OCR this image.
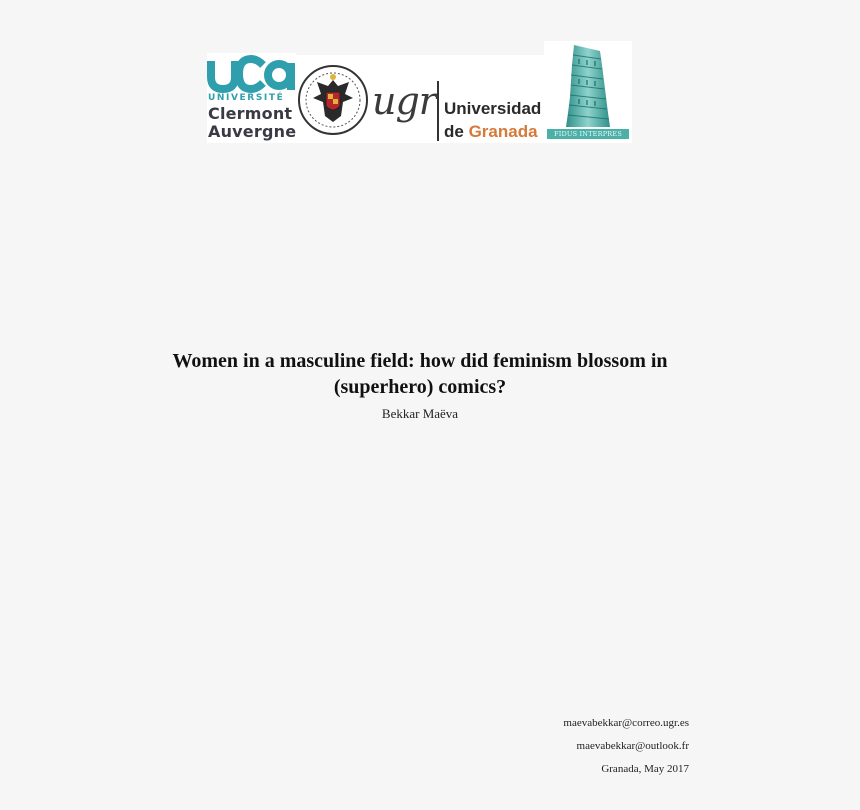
UNIVERSITÉ
Clermont
Auvergne
ugr Universidad
de Granada	FIDUS INTERPRES
Women in a masculine field: how did feminism blossom in
(superhero) comics?
Bekkar Maëva
maevabekkar@correo.ugr.es
maevabekkar@outlook.fr
Granada, May 2017
